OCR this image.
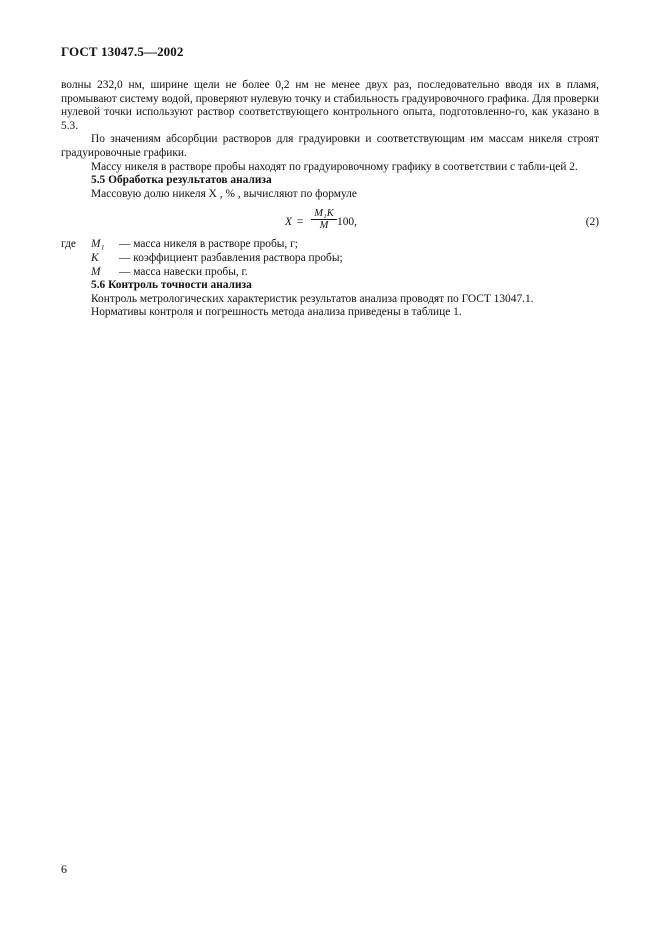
ГОСТ 13047.5—2002

волны 232,0 нм, ширине щели не более 0,2 нм не менее двух раз, последовательно вводя их в пламя, промывают систему водой, проверяют нулевую точку и стабильность градуировочного графика. Для проверки нулевой точки используют раствор соответствующего контрольного опыта, подготовленно-го, как указано в 5.3.

По значениям абсорбции растворов для градуировки и соответствующим им массам никеля строят градуировочные графики.

Массу никеля в растворе пробы находят по градуировочному графику в соответствии с табли-цей 2.

5.5 Обработка результатов анализа

Массовую долю никеля X , % , вычисляют по формуле

$X = \frac{\text{M₁K}}{M} 100$,	(2)
где	M₁	— масса никеля в растворе пробы, г;
K	— коэффициент разбавления раствора пробы;
M	— масса навески пробы, г.

5.6 Контроль точности анализа

Контроль метрологических характеристик результатов анализа проводят по ГОСТ 13047.1.

Нормативы контроля и погрешность метода анализа приведены в таблице 1.

6
